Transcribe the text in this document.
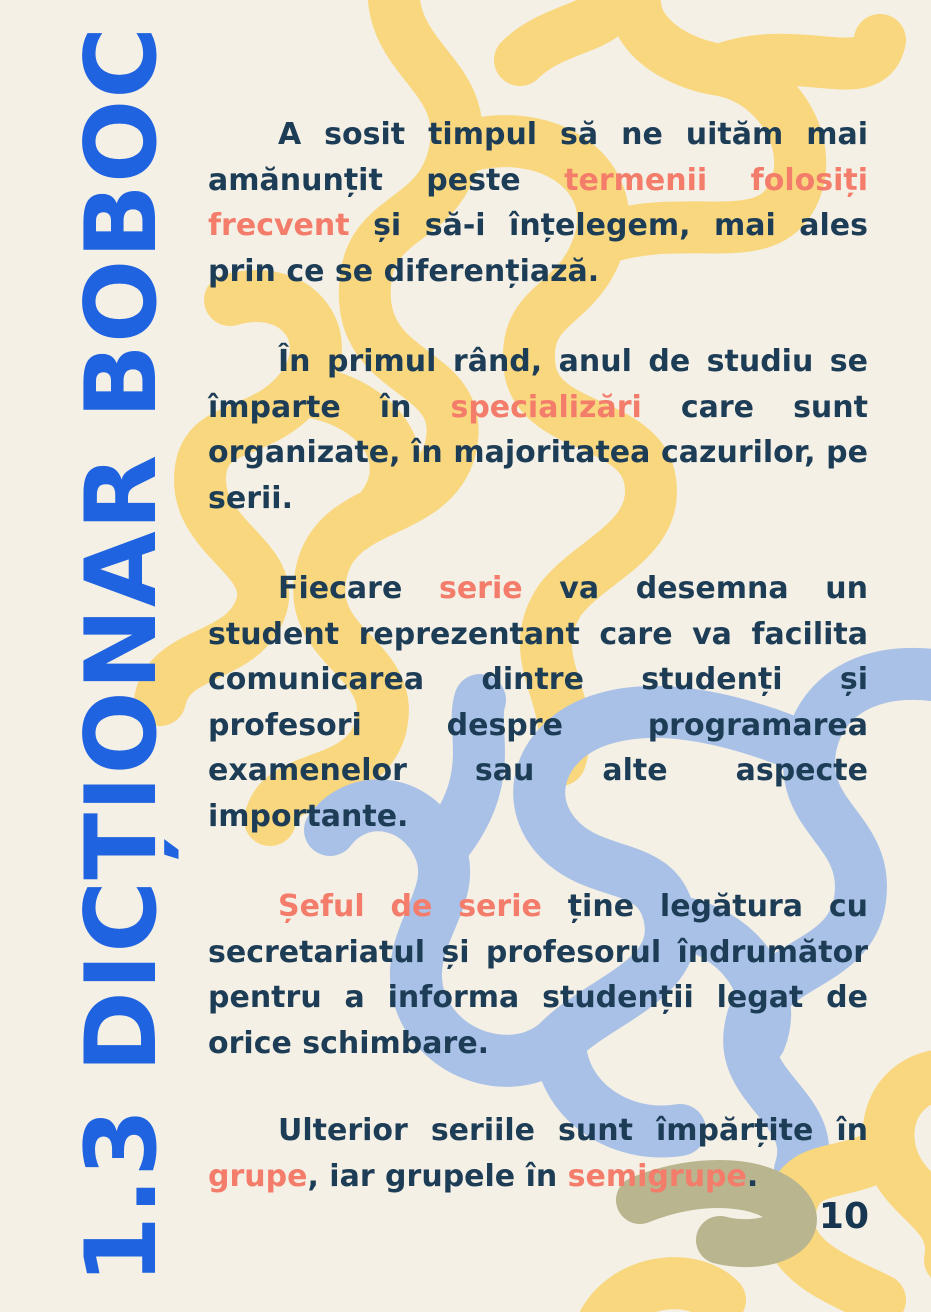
1.3 DICȚIONAR BOBOC	A sosit timpul să ne uităm mai amănunțit peste termenii folosiți frecvent și să-i înțelegem, mai ales prin ce se diferențiază.

În primul rând, anul de studiu se împarte în specializări care sunt organizate, în majoritatea cazurilor, pe serii.

Fiecare serie va desemna un student reprezentant care va facilita comunicarea dintre studenți și profesori despre programarea examenelor sau alte aspecte importante.

Șeful de serie ține legătura cu secretariatul și profesorul îndrumător pentru a informa studenții legat de orice schimbare.

Ulterior seriile sunt împărțite în grupe, iar grupele în semigrupe.

10
